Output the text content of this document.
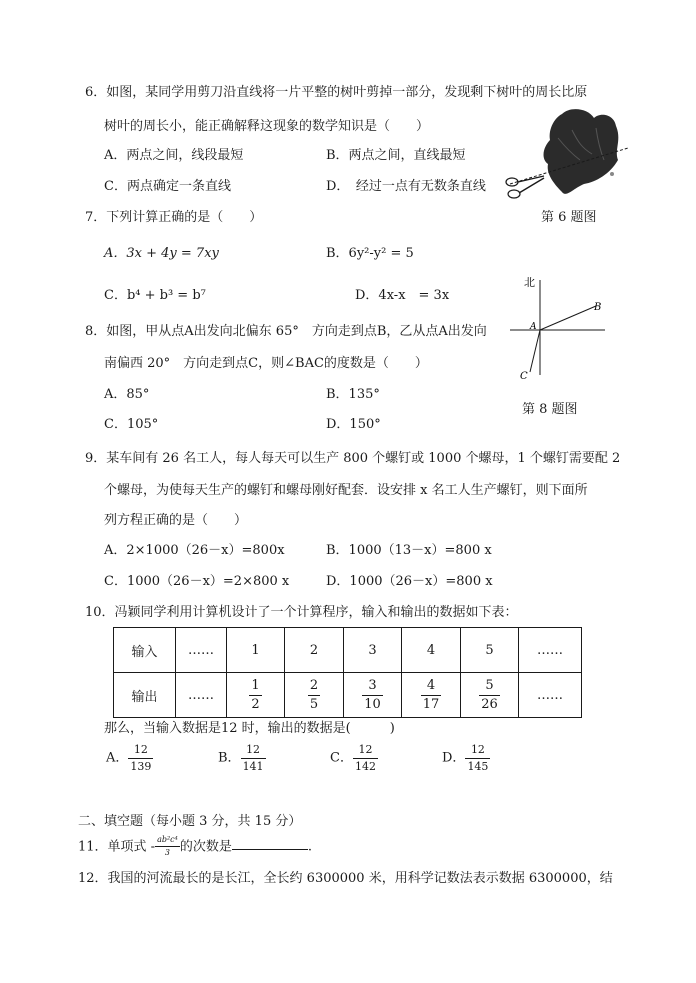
6．如图，某同学用剪刀沿直线将一片平整的树叶剪掉一部分，发现剩下树叶的周长比原
树叶的周长小，能正确解释这现象的数学知识是（　　）
A．两点之间，线段最短	B．两点之间，直线最短
C．两点确定一条直线	D．　经过一点有无数条直线
第 6 题图
7．下列计算正确的是（　　）
A．3x + 4y = 7xy	B．6y²-y² = 5
C．b⁴ + b³ = b⁷	D．4x-x　= 3x
8．如图，甲从点A出发向北偏东 65°　方向走到点B，乙从点A出发向
南偏西 20°　方向走到点C，则∠BAC的度数是（　　）
A．85°	B．135°
C．105°	D．150°
北
A
B
C
第 8 题图
9．某车间有 26 名工人，每人每天可以生产 800 个螺钉或 1000 个螺母，1 个螺钉需要配 2
个螺母，为使每天生产的螺钉和螺母刚好配套．设安排 x 名工人生产螺钉，则下面所
列方程正确的是（　　）
A．2×1000（26－x）=800x	B．1000（13－x）=800 x
C．1000（26－x）=2×800 x	D．1000（26－x）=800 x
10．冯颖同学利用计算机设计了一个计算程序，输入和输出的数据如下表：
输入	……	1	2	3	4	5	……
输出	……	$\frac{1}{2}$	$\frac{2}{5}$	$\frac{3}{10}$	$\frac{4}{17}$	$\frac{5}{26}$	……
那么，当输入数据是12 时，输出的数据是(　　　)
A． $\frac{12}{139}$	B． $\frac{12}{141}$	C． $\frac{12}{142}$	D． $\frac{12}{145}$
二、填空题（每小题 3 分，共 15 分）
11．单项式 - $\frac{\text{ab²c⁴}}{3}$ 的次数是	.
12．我国的河流最长的是长江，全长约 6300000 米，用科学记数法表示数据 6300000，结
